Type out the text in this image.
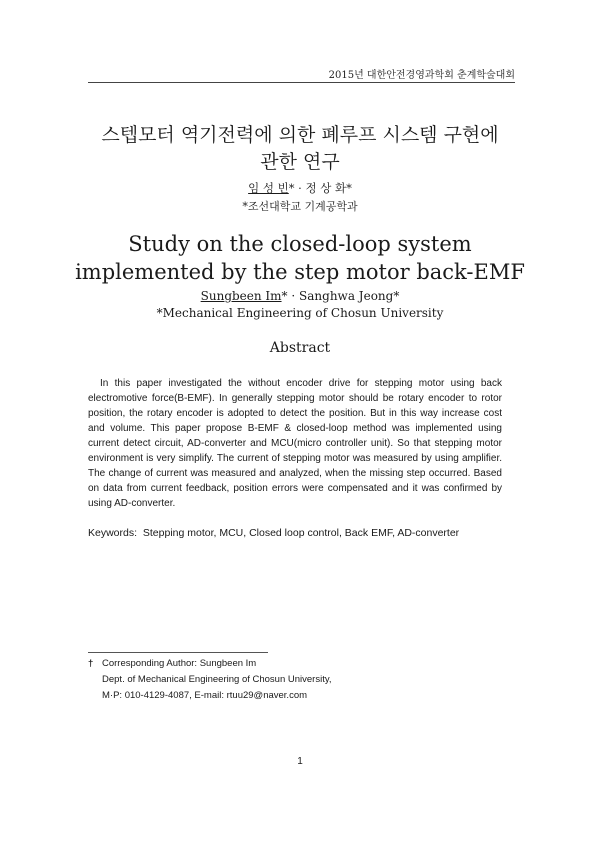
2015년 대한안전경영과학회 춘계학술대회
스텝모터 역기전력에 의한 폐루프 시스템 구현에
관한 연구
임 성 빈* · 정 상 화*
*조선대학교 기계공학과
Study on the closed-loop system
implemented by the step motor back-EMF
Sungbeen Im* · Sanghwa Jeong*
*Mechanical Engineering of Chosun University
Abstract

In this paper investigated the without encoder drive for stepping motor using back electromotive force(B-EMF). In generally stepping motor should be rotary encoder to rotor position, the rotary encoder is adopted to detect the position. But in this way increase cost and volume. This paper propose B-EMF & closed-loop method was implemented using current detect circuit, AD-converter and MCU(micro controller unit). So that stepping motor environment is very simplify. The current of stepping motor was measured by using amplifier. The change of current was measured and analyzed, when the missing step occurred. Based on data from current feedback, position errors were compensated and it was confirmed by using AD-converter.

Keywords: Stepping motor, MCU, Closed loop control, Back EMF, AD-converter

† Corresponding Author: Sungbeen Im
Dept. of Mechanical Engineering of Chosun University,
M·P: 010-4129-4087, E-mail: rtuu29@naver.com
1
